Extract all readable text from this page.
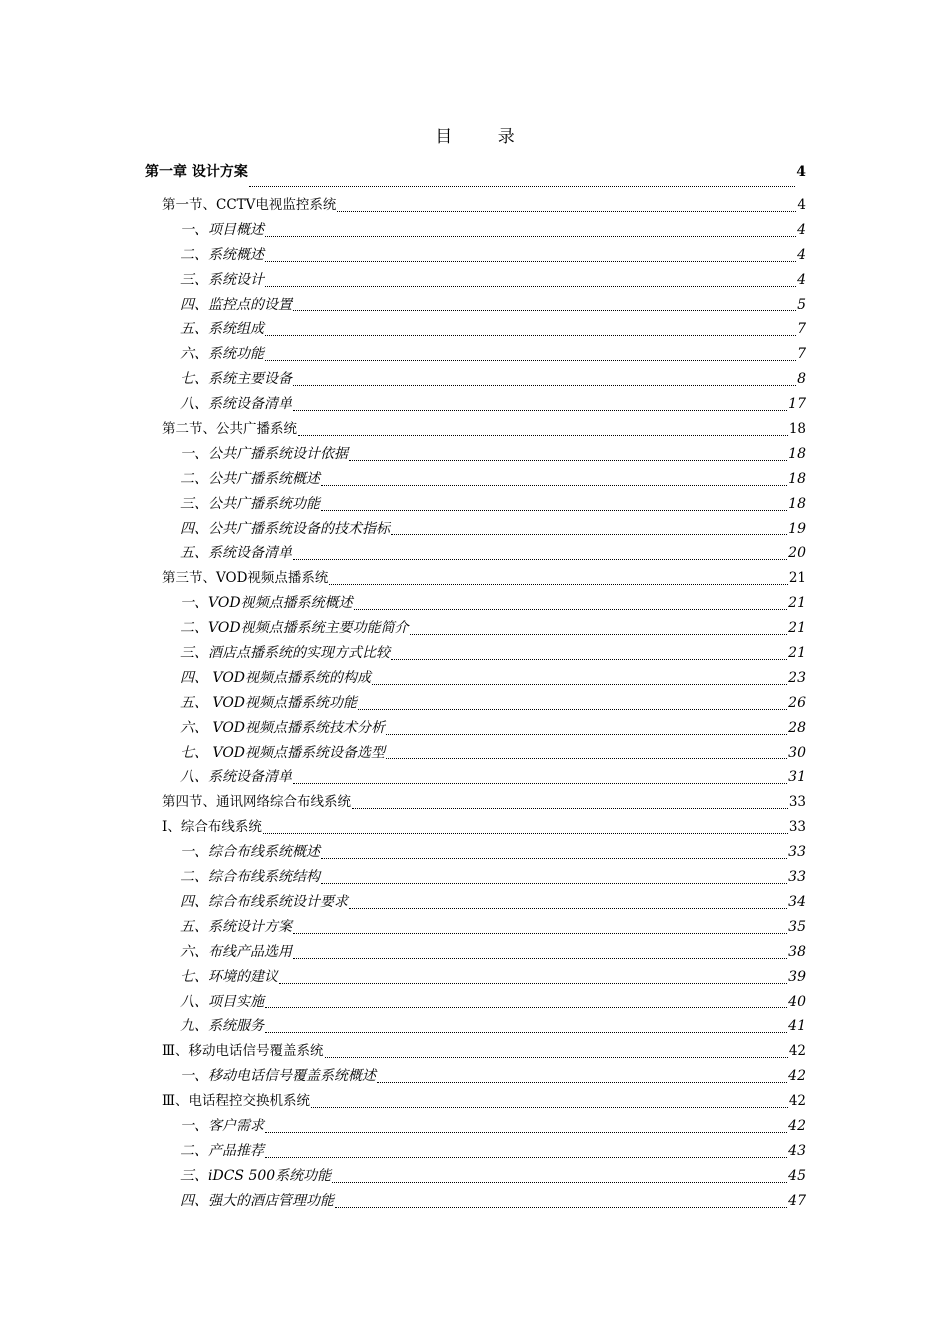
目 录
第一章 设计方案	4
第一节、CCTV电视监控系统	4
一、项目概述	4
二、系统概述	4
三、系统设计	4
四、监控点的设置	5
五、系统组成	7
六、系统功能	7
七、系统主要设备	8
八、系统设备清单	17
第二节、公共广播系统	18
一、公共广播系统设计依据	18
二、公共广播系统概述	18
三、公共广播系统功能	18
四、公共广播系统设备的技术指标	19
五、系统设备清单	20
第三节、VOD视频点播系统	21
一、VOD视频点播系统概述	21
二、VOD视频点播系统主要功能简介	21
三、酒店点播系统的实现方式比较	21
四、 VOD视频点播系统的构成	23
五、 VOD视频点播系统功能	26
六、 VOD视频点播系统技术分析	28
七、 VOD视频点播系统设备选型	30
八、系统设备清单	31
第四节、通讯网络综合布线系统	33
I、综合布线系统	33
一、综合布线系统概述	33
二、综合布线系统结构	33
四、综合布线系统设计要求	34
五、系统设计方案	35
六、布线产品选用	38
七、环境的建议	39
八、项目实施	40
九、系统服务	41
Ⅲ、移动电话信号覆盖系统	42
一、移动电话信号覆盖系统概述	42
Ⅲ、电话程控交换机系统	42
一、客户需求	42
二、产品推荐	43
三、iDCS 500系统功能	45
四、强大的酒店管理功能	47
